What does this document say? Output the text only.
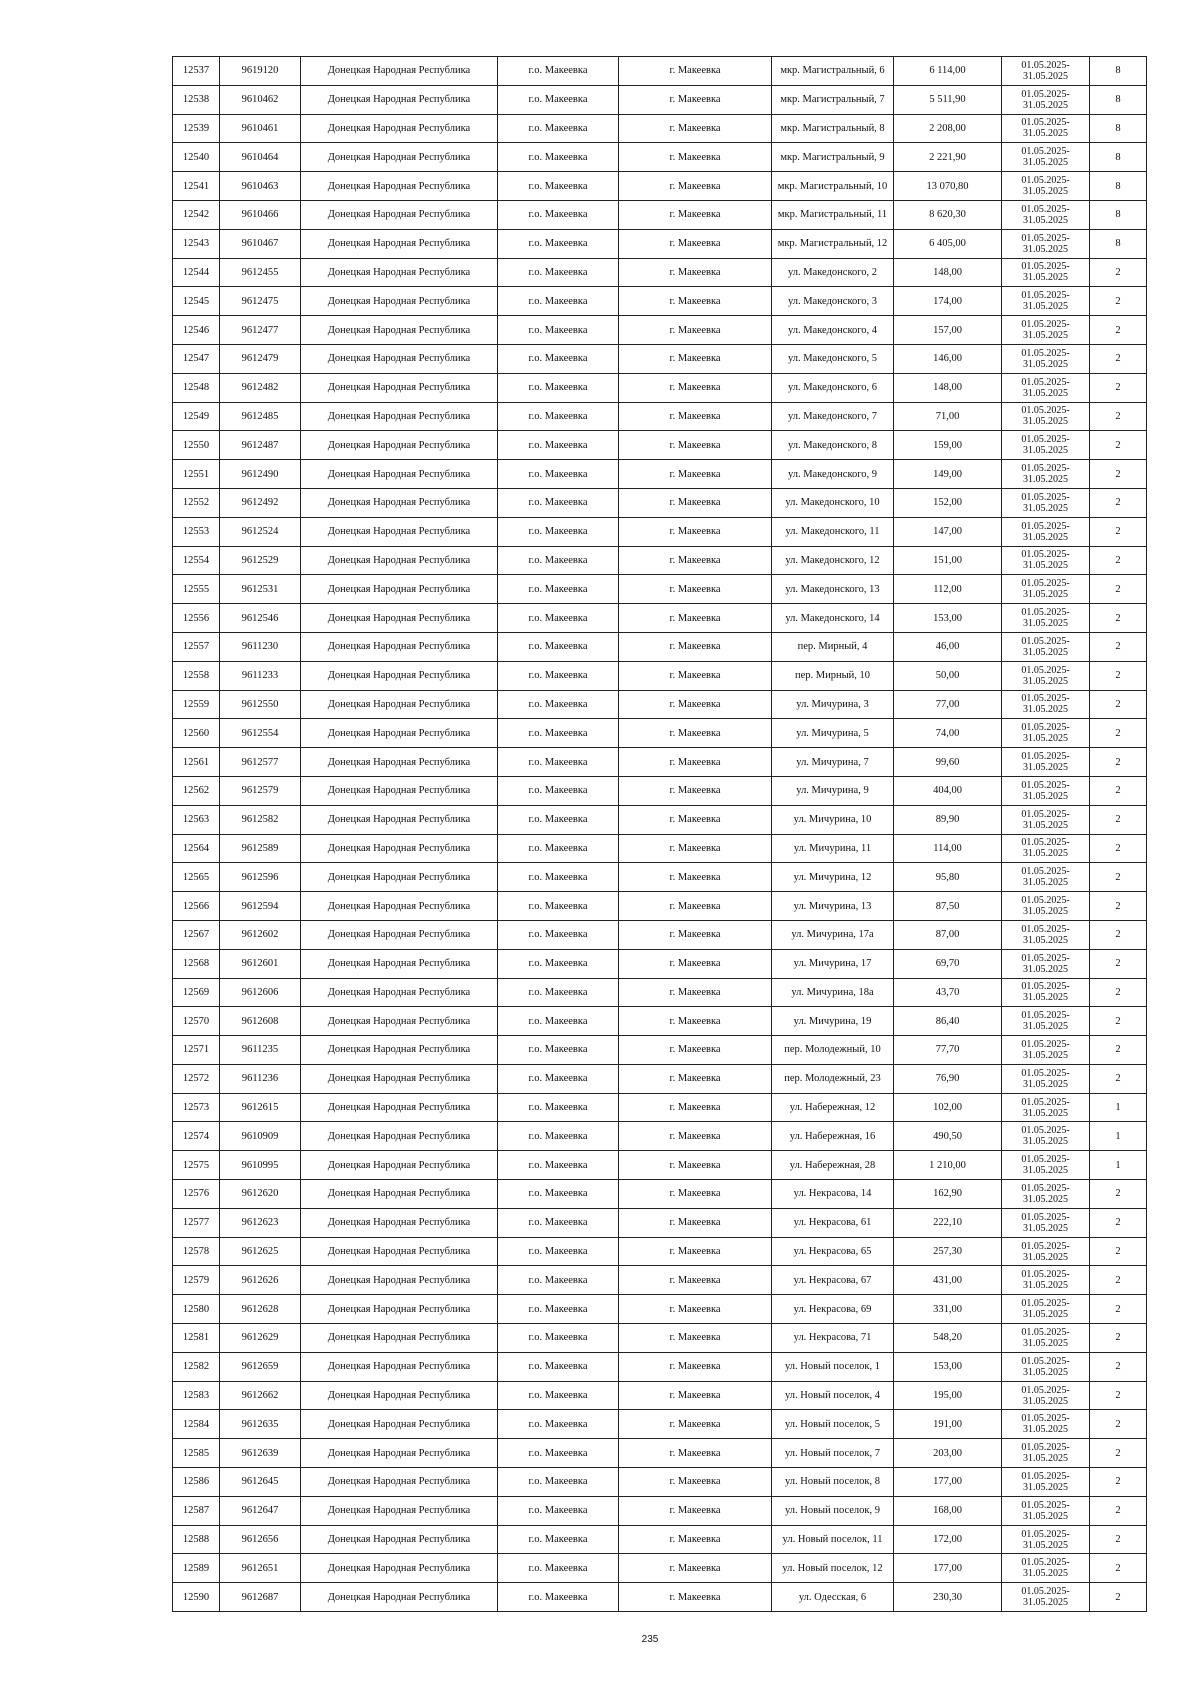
12537	9619120	Донецкая Народная Республика	г.о. Макеевка	г. Макеевка	мкр. Магистральный, 6	6 114,00	01.05.2025-31.05.2025	8
12538	9610462	Донецкая Народная Республика	г.о. Макеевка	г. Макеевка	мкр. Магистральный, 7	5 511,90	01.05.2025-31.05.2025	8
12539	9610461	Донецкая Народная Республика	г.о. Макеевка	г. Макеевка	мкр. Магистральный, 8	2 208,00	01.05.2025-31.05.2025	8
12540	9610464	Донецкая Народная Республика	г.о. Макеевка	г. Макеевка	мкр. Магистральный, 9	2 221,90	01.05.2025-31.05.2025	8
12541	9610463	Донецкая Народная Республика	г.о. Макеевка	г. Макеевка	мкр. Магистральный, 10	13 070,80	01.05.2025-31.05.2025	8
12542	9610466	Донецкая Народная Республика	г.о. Макеевка	г. Макеевка	мкр. Магистральный, 11	8 620,30	01.05.2025-31.05.2025	8
12543	9610467	Донецкая Народная Республика	г.о. Макеевка	г. Макеевка	мкр. Магистральный, 12	6 405,00	01.05.2025-31.05.2025	8
12544	9612455	Донецкая Народная Республика	г.о. Макеевка	г. Макеевка	ул. Македонского, 2	148,00	01.05.2025-31.05.2025	2
12545	9612475	Донецкая Народная Республика	г.о. Макеевка	г. Макеевка	ул. Македонского, 3	174,00	01.05.2025-31.05.2025	2
12546	9612477	Донецкая Народная Республика	г.о. Макеевка	г. Макеевка	ул. Македонского, 4	157,00	01.05.2025-31.05.2025	2
12547	9612479	Донецкая Народная Республика	г.о. Макеевка	г. Макеевка	ул. Македонского, 5	146,00	01.05.2025-31.05.2025	2
12548	9612482	Донецкая Народная Республика	г.о. Макеевка	г. Макеевка	ул. Македонского, 6	148,00	01.05.2025-31.05.2025	2
12549	9612485	Донецкая Народная Республика	г.о. Макеевка	г. Макеевка	ул. Македонского, 7	71,00	01.05.2025-31.05.2025	2
12550	9612487	Донецкая Народная Республика	г.о. Макеевка	г. Макеевка	ул. Македонского, 8	159,00	01.05.2025-31.05.2025	2
12551	9612490	Донецкая Народная Республика	г.о. Макеевка	г. Макеевка	ул. Македонского, 9	149,00	01.05.2025-31.05.2025	2
12552	9612492	Донецкая Народная Республика	г.о. Макеевка	г. Макеевка	ул. Македонского, 10	152,00	01.05.2025-31.05.2025	2
12553	9612524	Донецкая Народная Республика	г.о. Макеевка	г. Макеевка	ул. Македонского, 11	147,00	01.05.2025-31.05.2025	2
12554	9612529	Донецкая Народная Республика	г.о. Макеевка	г. Макеевка	ул. Македонского, 12	151,00	01.05.2025-31.05.2025	2
12555	9612531	Донецкая Народная Республика	г.о. Макеевка	г. Макеевка	ул. Македонского, 13	112,00	01.05.2025-31.05.2025	2
12556	9612546	Донецкая Народная Республика	г.о. Макеевка	г. Макеевка	ул. Македонского, 14	153,00	01.05.2025-31.05.2025	2
12557	9611230	Донецкая Народная Республика	г.о. Макеевка	г. Макеевка	пер. Мирный, 4	46,00	01.05.2025-31.05.2025	2
12558	9611233	Донецкая Народная Республика	г.о. Макеевка	г. Макеевка	пер. Мирный, 10	50,00	01.05.2025-31.05.2025	2
12559	9612550	Донецкая Народная Республика	г.о. Макеевка	г. Макеевка	ул. Мичурина, 3	77,00	01.05.2025-31.05.2025	2
12560	9612554	Донецкая Народная Республика	г.о. Макеевка	г. Макеевка	ул. Мичурина, 5	74,00	01.05.2025-31.05.2025	2
12561	9612577	Донецкая Народная Республика	г.о. Макеевка	г. Макеевка	ул. Мичурина, 7	99,60	01.05.2025-31.05.2025	2
12562	9612579	Донецкая Народная Республика	г.о. Макеевка	г. Макеевка	ул. Мичурина, 9	404,00	01.05.2025-31.05.2025	2
12563	9612582	Донецкая Народная Республика	г.о. Макеевка	г. Макеевка	ул. Мичурина, 10	89,90	01.05.2025-31.05.2025	2
12564	9612589	Донецкая Народная Республика	г.о. Макеевка	г. Макеевка	ул. Мичурина, 11	114,00	01.05.2025-31.05.2025	2
12565	9612596	Донецкая Народная Республика	г.о. Макеевка	г. Макеевка	ул. Мичурина, 12	95,80	01.05.2025-31.05.2025	2
12566	9612594	Донецкая Народная Республика	г.о. Макеевка	г. Макеевка	ул. Мичурина, 13	87,50	01.05.2025-31.05.2025	2
12567	9612602	Донецкая Народная Республика	г.о. Макеевка	г. Макеевка	ул. Мичурина, 17а	87,00	01.05.2025-31.05.2025	2
12568	9612601	Донецкая Народная Республика	г.о. Макеевка	г. Макеевка	ул. Мичурина, 17	69,70	01.05.2025-31.05.2025	2
12569	9612606	Донецкая Народная Республика	г.о. Макеевка	г. Макеевка	ул. Мичурина, 18а	43,70	01.05.2025-31.05.2025	2
12570	9612608	Донецкая Народная Республика	г.о. Макеевка	г. Макеевка	ул. Мичурина, 19	86,40	01.05.2025-31.05.2025	2
12571	9611235	Донецкая Народная Республика	г.о. Макеевка	г. Макеевка	пер. Молодежный, 10	77,70	01.05.2025-31.05.2025	2
12572	9611236	Донецкая Народная Республика	г.о. Макеевка	г. Макеевка	пер. Молодежный, 23	76,90	01.05.2025-31.05.2025	2
12573	9612615	Донецкая Народная Республика	г.о. Макеевка	г. Макеевка	ул. Набережная, 12	102,00	01.05.2025-31.05.2025	1
12574	9610909	Донецкая Народная Республика	г.о. Макеевка	г. Макеевка	ул. Набережная, 16	490,50	01.05.2025-31.05.2025	1
12575	9610995	Донецкая Народная Республика	г.о. Макеевка	г. Макеевка	ул. Набережная, 28	1 210,00	01.05.2025-31.05.2025	1
12576	9612620	Донецкая Народная Республика	г.о. Макеевка	г. Макеевка	ул. Некрасова, 14	162,90	01.05.2025-31.05.2025	2
12577	9612623	Донецкая Народная Республика	г.о. Макеевка	г. Макеевка	ул. Некрасова, 61	222,10	01.05.2025-31.05.2025	2
12578	9612625	Донецкая Народная Республика	г.о. Макеевка	г. Макеевка	ул. Некрасова, 65	257,30	01.05.2025-31.05.2025	2
12579	9612626	Донецкая Народная Республика	г.о. Макеевка	г. Макеевка	ул. Некрасова, 67	431,00	01.05.2025-31.05.2025	2
12580	9612628	Донецкая Народная Республика	г.о. Макеевка	г. Макеевка	ул. Некрасова, 69	331,00	01.05.2025-31.05.2025	2
12581	9612629	Донецкая Народная Республика	г.о. Макеевка	г. Макеевка	ул. Некрасова, 71	548,20	01.05.2025-31.05.2025	2
12582	9612659	Донецкая Народная Республика	г.о. Макеевка	г. Макеевка	ул. Новый поселок, 1	153,00	01.05.2025-31.05.2025	2
12583	9612662	Донецкая Народная Республика	г.о. Макеевка	г. Макеевка	ул. Новый поселок, 4	195,00	01.05.2025-31.05.2025	2
12584	9612635	Донецкая Народная Республика	г.о. Макеевка	г. Макеевка	ул. Новый поселок, 5	191,00	01.05.2025-31.05.2025	2
12585	9612639	Донецкая Народная Республика	г.о. Макеевка	г. Макеевка	ул. Новый поселок, 7	203,00	01.05.2025-31.05.2025	2
12586	9612645	Донецкая Народная Республика	г.о. Макеевка	г. Макеевка	ул. Новый поселок, 8	177,00	01.05.2025-31.05.2025	2
12587	9612647	Донецкая Народная Республика	г.о. Макеевка	г. Макеевка	ул. Новый поселок, 9	168,00	01.05.2025-31.05.2025	2
12588	9612656	Донецкая Народная Республика	г.о. Макеевка	г. Макеевка	ул. Новый поселок, 11	172,00	01.05.2025-31.05.2025	2
12589	9612651	Донецкая Народная Республика	г.о. Макеевка	г. Макеевка	ул. Новый поселок, 12	177,00	01.05.2025-31.05.2025	2
12590	9612687	Донецкая Народная Республика	г.о. Макеевка	г. Макеевка	ул. Одесская, 6	230,30	01.05.2025-31.05.2025	2
235
